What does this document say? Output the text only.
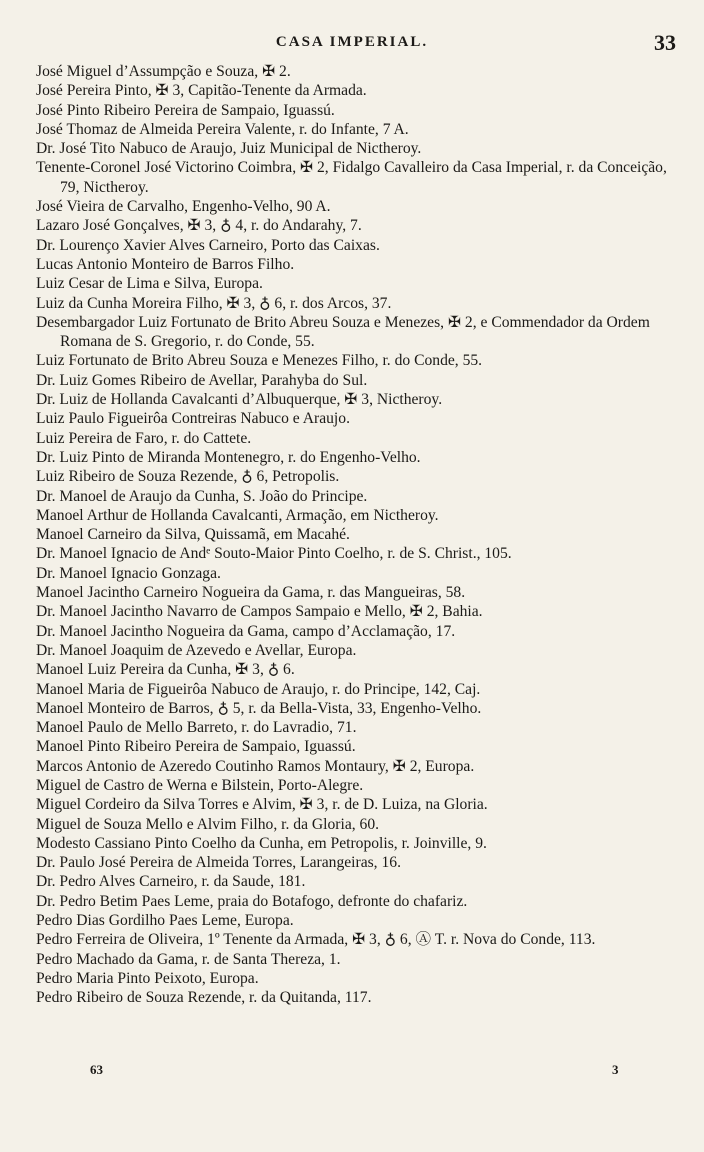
CASA IMPERIAL.	33
José Miguel d’Assumpção e Souza, ✠ 2.
José Pereira Pinto, ✠ 3, Capitão-Tenente da Armada.
José Pinto Ribeiro Pereira de Sampaio, Iguassú.
José Thomaz de Almeida Pereira Valente, r. do Infante, 7 A.
Dr. José Tito Nabuco de Araujo, Juiz Municipal de Nictheroy.
Tenente-Coronel José Victorino Coimbra, ✠ 2, Fidalgo Cavalleiro da Casa Imperial, r. da Conceição, 79, Nictheroy.
José Vieira de Carvalho, Engenho-Velho, 90 A.
Lazaro José Gonçalves, ✠ 3, ♁ 4, r. do Andarahy, 7.
Dr. Lourenço Xavier Alves Carneiro, Porto das Caixas.
Lucas Antonio Monteiro de Barros Filho.
Luiz Cesar de Lima e Silva, Europa.
Luiz da Cunha Moreira Filho, ✠ 3, ♁ 6, r. dos Arcos, 37.
Desembargador Luiz Fortunato de Brito Abreu Souza e Menezes, ✠ 2, e Commendador da Ordem Romana de S. Gregorio, r. do Conde, 55.
Luiz Fortunato de Brito Abreu Souza e Menezes Filho, r. do Conde, 55.
Dr. Luiz Gomes Ribeiro de Avellar, Parahyba do Sul.
Dr. Luiz de Hollanda Cavalcanti d’Albuquerque, ✠ 3, Nictheroy.
Luiz Paulo Figueirôa Contreiras Nabuco e Araujo.
Luiz Pereira de Faro, r. do Cattete.
Dr. Luiz Pinto de Miranda Montenegro, r. do Engenho-Velho.
Luiz Ribeiro de Souza Rezende, ♁ 6, Petropolis.
Dr. Manoel de Araujo da Cunha, S. João do Principe.
Manoel Arthur de Hollanda Cavalcanti, Armação, em Nictheroy.
Manoel Carneiro da Silva, Quissamã, em Macahé.
Dr. Manoel Ignacio de Andᵉ Souto-Maior Pinto Coelho, r. de S. Christ., 105.
Dr. Manoel Ignacio Gonzaga.
Manoel Jacintho Carneiro Nogueira da Gama, r. das Mangueiras, 58.
Dr. Manoel Jacintho Navarro de Campos Sampaio e Mello, ✠ 2, Bahia.
Dr. Manoel Jacintho Nogueira da Gama, campo d’Acclamação, 17.
Dr. Manoel Joaquim de Azevedo e Avellar, Europa.
Manoel Luiz Pereira da Cunha, ✠ 3, ♁ 6.
Manoel Maria de Figueirôa Nabuco de Araujo, r. do Principe, 142, Caj.
Manoel Monteiro de Barros, ♁ 5, r. da Bella-Vista, 33, Engenho-Velho.
Manoel Paulo de Mello Barreto, r. do Lavradio, 71.
Manoel Pinto Ribeiro Pereira de Sampaio, Iguassú.
Marcos Antonio de Azeredo Coutinho Ramos Montaury, ✠ 2, Europa.
Miguel de Castro de Werna e Bilstein, Porto-Alegre.
Miguel Cordeiro da Silva Torres e Alvim, ✠ 3, r. de D. Luiza, na Gloria.
Miguel de Souza Mello e Alvim Filho, r. da Gloria, 60.
Modesto Cassiano Pinto Coelho da Cunha, em Petropolis, r. Joinville, 9.
Dr. Paulo José Pereira de Almeida Torres, Larangeiras, 16.
Dr. Pedro Alves Carneiro, r. da Saude, 181.
Dr. Pedro Betim Paes Leme, praia do Botafogo, defronte do chafariz.
Pedro Dias Gordilho Paes Leme, Europa.
Pedro Ferreira de Oliveira, 1º Tenente da Armada, ✠ 3, ♁ 6, Ⓐ T. r. Nova do Conde, 113.
Pedro Machado da Gama, r. de Santa Thereza, 1.
Pedro Maria Pinto Peixoto, Europa.
Pedro Ribeiro de Souza Rezende, r. da Quitanda, 117.
63	3
